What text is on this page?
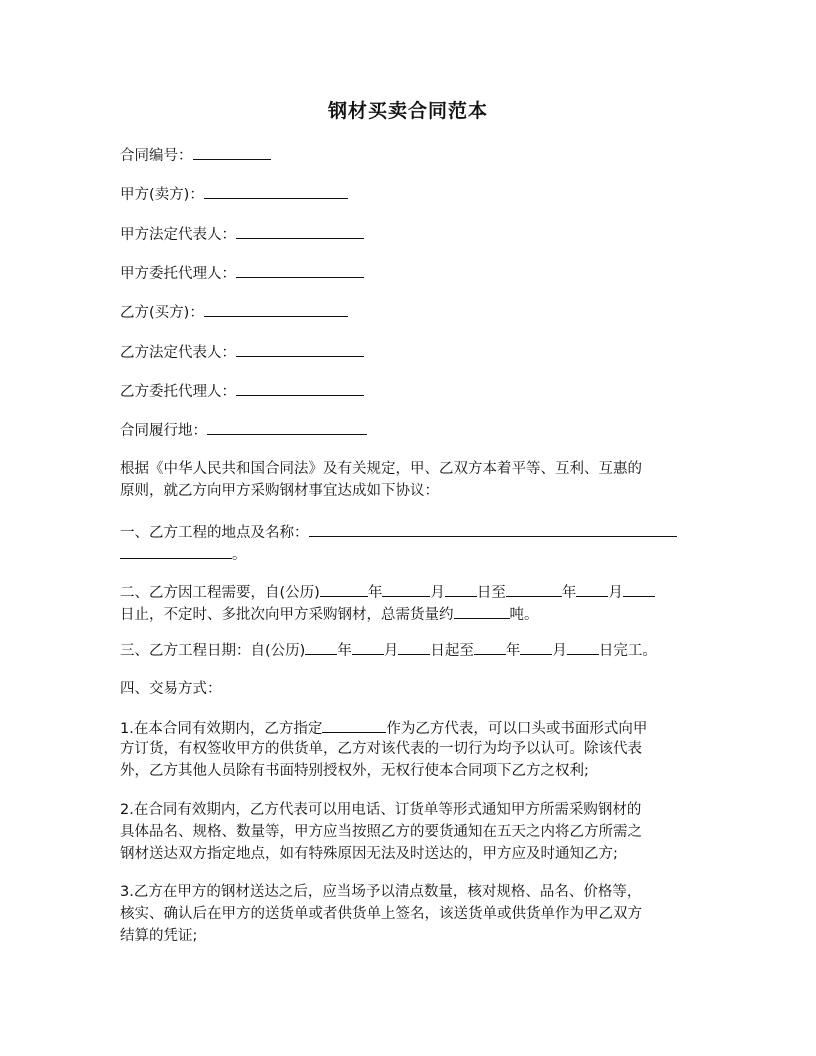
钢材买卖合同范本
合同编号：
甲方(卖方)：
甲方法定代表人：
甲方委托代理人：
乙方(买方)：
乙方法定代表人：
乙方委托代理人：
合同履行地：
根据《中华人民共和国合同法》及有关规定，甲、乙双方本着平等、互利、互惠的
原则，就乙方向甲方采购钢材事宜达成如下协议：
一、乙方工程的地点及名称：
。
二、乙方因工程需要，自(公历)	年	月 日至	年 月
日止，不定时、多批次向甲方采购钢材，总需货量约	吨。
三、乙方工程日期：自(公历) 年 月 日起至 年 月 日完工。
四、交易方式：
1.在本合同有效期内，乙方指定	作为乙方代表，可以口头或书面形式向甲
方订货，有权签收甲方的供货单，乙方对该代表的一切行为均予以认可。除该代表
外，乙方其他人员除有书面特别授权外，无权行使本合同项下乙方之权利;
2.在合同有效期内，乙方代表可以用电话、订货单等形式通知甲方所需采购钢材的
具体品名、规格、数量等，甲方应当按照乙方的要货通知在五天之内将乙方所需之
钢材送达双方指定地点，如有特殊原因无法及时送达的，甲方应及时通知乙方;
3.乙方在甲方的钢材送达之后，应当场予以清点数量，核对规格、品名、价格等，
核实、确认后在甲方的送货单或者供货单上签名，该送货单或供货单作为甲乙双方
结算的凭证;
